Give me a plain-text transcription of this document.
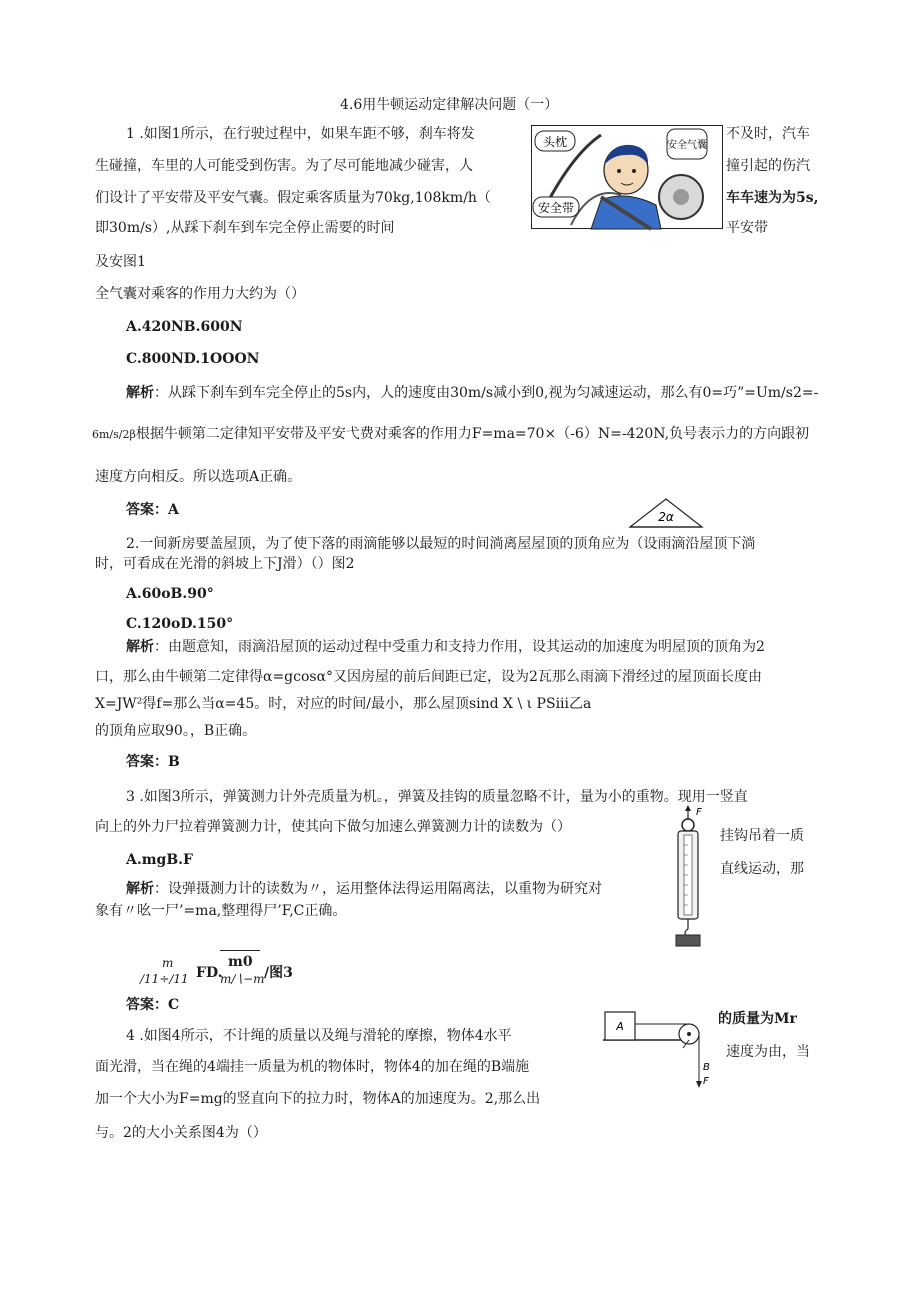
4.6用牛顿运动定律解决问题（一）
1 .如图1所示，在行驶过程中，如果车距不够，刹车将发	不及时，汽车
生碰撞，车里的人可能受到伤害。为了尽可能地减少碰害，人	撞引起的伤汽
们设计了平安带及平安气囊。假定乘客质量为70kg,108km∕h（	车车速为为5s,
即30m∕s）,从踩下刹车到车完全停止需要的时间	平安带
头枕	安全气囊
安全带
及安图1
全气囊对乘客的作用力大约为（）
A.420NB.600N
C.800ND.1OOON
解析：从踩下刹车到车完全停止的5s内，人的速度由30m∕s减小到0,视为匀减速运动，那么有0=巧”=Um∕s2=-
6m∕s∕2β根据牛顿第二定律知平安带及平安弋费对乘客的作用力F=ma=70×（-6）N=-420N,负号表示力的方向跟初
速度方向相反。所以选项A正确。
答案：A	2α
2.一间新房要盖屋顶，为了使下落的雨滴能够以最短的时间淌离屋屋顶的顶角应为（设雨滴沿屋顶下淌
时，可看成在光滑的斜坡上下J滑）（）图2
A.60oB.90°
C.120oD.150°
解析：由题意知，雨滴沿屋顶的运动过程中受重力和支持力作用，设其运动的加速度为明屋顶的顶角为2
口，那么由牛顿第二定律得α=gcosα°又因房屋的前后间距已定，设为2瓦那么雨滴下滑经过的屋顶面长度由
X=JW²得f=那么当α=45。时，对应的时间/最小，那么屋顶sind X \ ι PSiii乙a
的顶角应取90。，B正确。
答案：B
3 .如图3所示，弹簧测力计外壳质量为机。，弹簧及挂钩的质量忽略不计，量为小的重物。现用一竖直
向上的外力尸拉着弹簧测力计，使其向下做匀加速么弹簧测力计的读数为（）
挂钩吊着一质
直线运动，那
A.mgB.F
解析：设弹摄测力计的读数为〃，运用整体法得运用隔离法，以重物为研究对
象有〃吆一尸’=ma,整理得尸’F,C正确。
F
m
∕11÷∕11 FD.
m0
m∕∖−m ∕图3
答案：C
4 .如图4所示，不计绳的质量以及绳与滑轮的摩擦，物体4水平
的质量为Mr
面光滑，当在绳的4端挂一质量为机的物体时，物体4的加在绳的B端施
速度为由，当
加一个大小为F=mg的竖直向下的拉力时，物体A的加速度为。2,那么出
与。2的大小关系图4为（）
A
B
F
